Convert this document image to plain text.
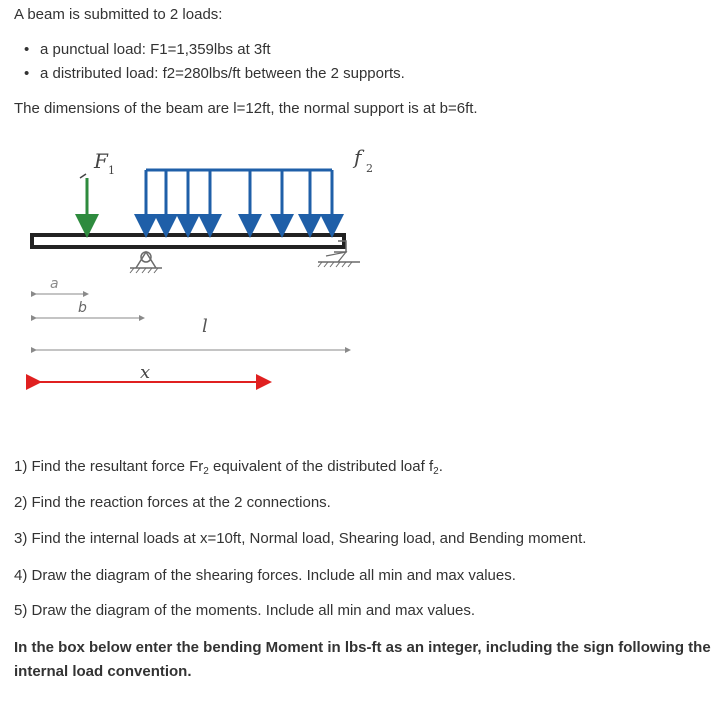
A beam is submitted to 2 loads:
• a punctual load: F1=1,359lbs at 3ft
• a distributed load: f2=280lbs/ft between the 2 supports.
The dimensions of the beam are l=12ft, the normal support is at b=6ft.
F 1
f 2
a
b
l
x
1) Find the resultant force $Fr_2$ equivalent of the distributed loaf $f_2$.
2) Find the reaction forces at the 2 connections.
3) Find the internal loads at x=10ft, Normal load, Shearing load, and Bending moment.
4) Draw the diagram of the shearing forces. Include all min and max values.
5) Draw the diagram of the moments. Include all min and max values.
In the box below enter the bending Moment in lbs-ft as an integer, including the sign following the internal load convention.
